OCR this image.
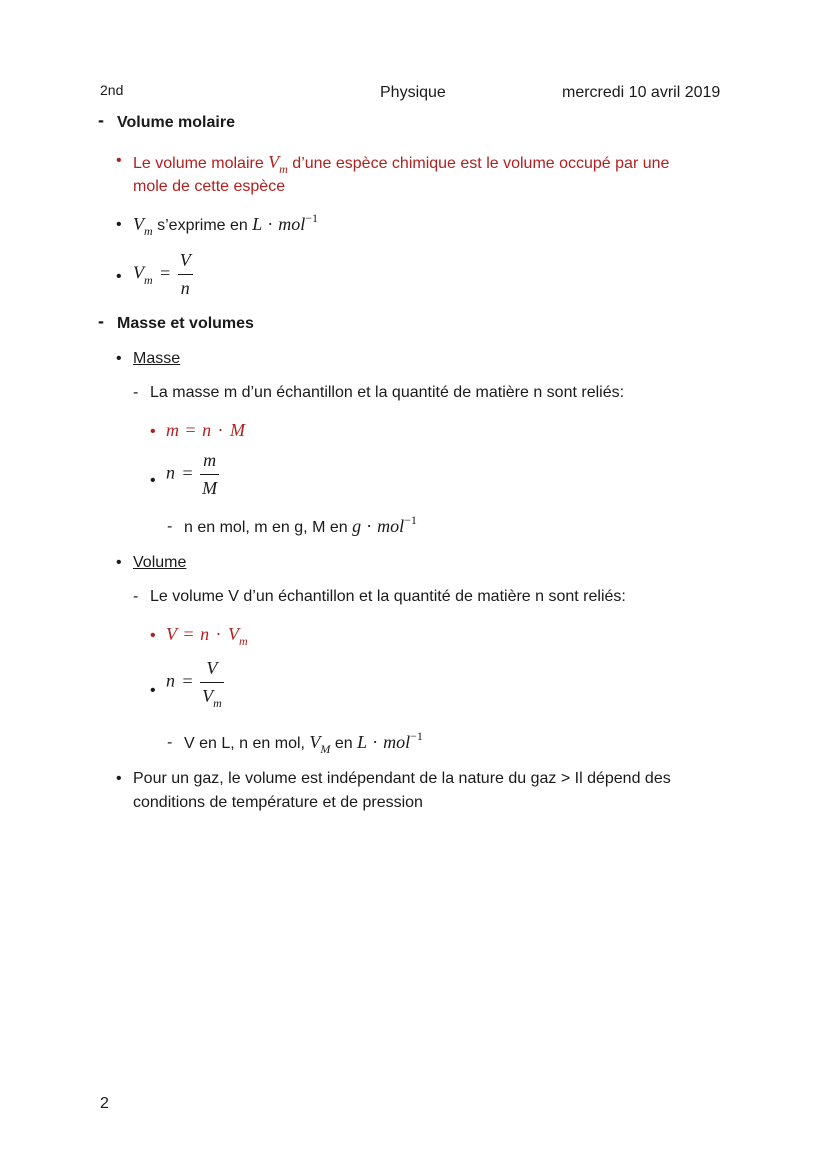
2nd	Physique	mercredi 10 avril 2019
- Volume molaire
• Le volume molaire $V_m$ d’une espèce chimique est le volume occupé par une
mole de cette espèce
• $V_m$ s’exprime en L · mol$^{-1}$
• $V_m = \frac{V}{n}$
- Masse et volumes
• Masse
- La masse m d’un échantillon et la quantité de matière n sont reliés:
• m = n · M
• $n = \frac{m}{M}$
- n en mol, m en g, M en g · mol$^{-1}$
• Volume
- Le volume V d’un échantillon et la quantité de matière n sont reliés:
• $V = n \cdot V_m$
• $n = \frac{V}{V_m}$
- V en L, n en mol, $V_M$ en L · mol$^{-1}$
• Pour un gaz, le volume est indépendant de la nature du gaz > Il dépend des
conditions de température et de pression
2
